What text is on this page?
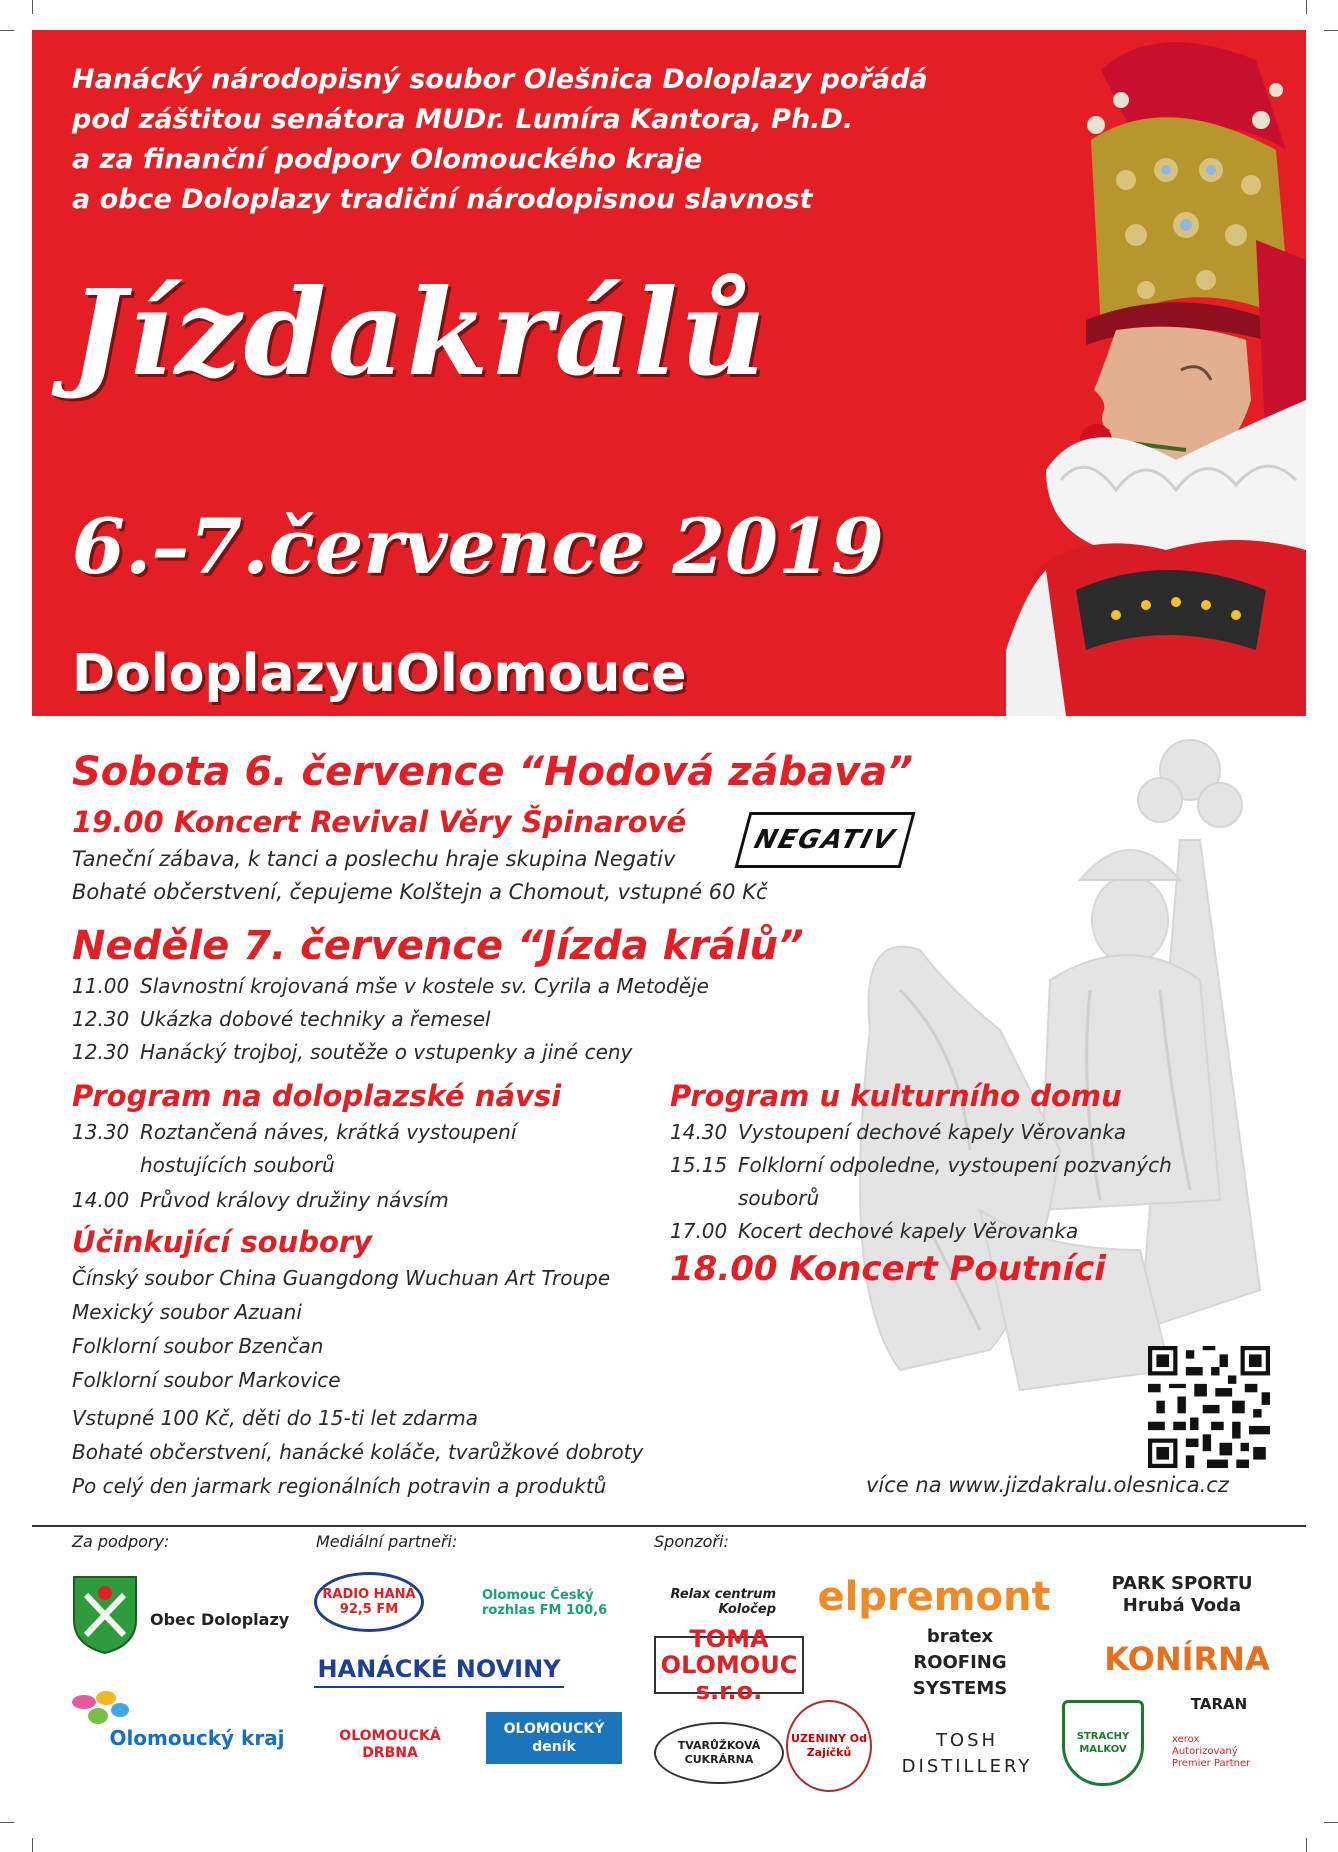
Hanácký národopisný soubor Olešnica Doloplazy pořádá
pod záštitou senátora MUDr. Lumíra Kantora, Ph.D.
a za finanční podpory Olomouckého kraje
a obce Doloplazy tradiční národopisnou slavnost
Jízdakrálů
6.–7.července 2019
DoloplazyuOlomouce
Sobota 6. července “Hodová zábava”
19.00 Koncert Revival Věry Špinarové
Taneční zábava, k tanci a poslechu hraje skupina Negativ
Bohaté občerstvení, čepujeme Kolštejn a Chomout, vstupné 60 Kč
NEGATIV
Neděle 7. července “Jízda králů”
11.00 Slavnostní krojovaná mše v kostele sv. Cyrila a Metoděje
12.30 Ukázka dobové techniky a řemesel
12.30 Hanácký trojboj, soutěže o vstupenky a jiné ceny
Program na doloplazské návsi
13.30 Roztančená náves, krátká vystoupení
hostujících souborů
14.00 Průvod královy družiny návsím
Účinkující soubory
Čínský soubor China Guangdong Wuchuan Art Troupe
Mexický soubor Azuani
Folklorní soubor Bzenčan
Folklorní soubor Markovice
Program u kulturního domu
14.30 Vystoupení dechové kapely Věrovanka
15.15 Folklorní odpoledne, vystoupení pozvaných
souborů
17.00 Kocert dechové kapely Věrovanka
18.00 Koncert Poutníci
Vstupné 100 Kč, děti do 15-ti let zdarma
Bohaté občerstvení, hanácké koláče, tvarůžkové dobroty
Po celý den jarmark regionálních potravin a produktů	více na www.jizdakralu.olesnica.cz
Za podpory:	Mediální partneři:	Sponzoři:
Obec Doloplazy
Olomoucký kraj
RADIO HANÁ 92,5 FM
Olomouc Český rozhlas FM 100,6
HANÁCKÉ NOVINY
OLOMOUCKÁ DRBNA
OLOMOUCKÝ deník
Relax centrum Koločep	elpremont	PARK SPORTU Hrubá Voda
TOMA OLOMOUC s.r.o.
bratex ROOFING SYSTEMS
KONÍRNA
TVARŮŽKOVÁ CUKRÁRNA
UZENINY Od Zajíčků
TOSH DISTILLERY
STRACHY MALKOV
TARAN
xerox Autorizovaný Premier Partner
